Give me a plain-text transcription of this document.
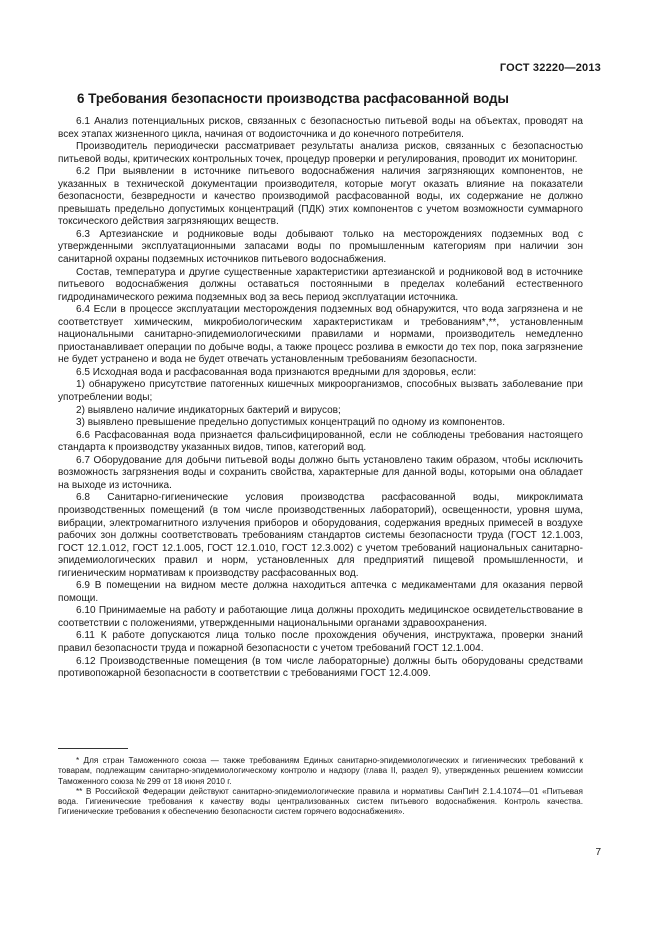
ГОСТ 32220—2013
6 Требования безопасности производства расфасованной воды

6.1 Анализ потенциальных рисков, связанных с безопасностью питьевой воды на объектах, проводят на всех этапах жизненного цикла, начиная от водоисточника и до конечного потребителя.

Производитель периодически рассматривает результаты анализа рисков, связанных с безопасностью питьевой воды, критических контрольных точек, процедур проверки и регулирования, проводит их мониторинг.

6.2 При выявлении в источнике питьевого водоснабжения наличия загрязняющих компонентов, не указанных в технической документации производителя, которые могут оказать влияние на показатели безопасности, безвредности и качество производимой расфасованной воды, их содержание не должно превышать предельно допустимых концентраций (ПДК) этих компонентов с учетом возможности суммарного токсического действия загрязняющих веществ.

6.3 Артезианские и родниковые воды добывают только на месторождениях подземных вод с утвержденными эксплуатационными запасами воды по промышленным категориям при наличии зон санитарной охраны подземных источников питьевого водоснабжения.

Состав, температура и другие существенные характеристики артезианской и родниковой вод в источнике питьевого водоснабжения должны оставаться постоянными в пределах колебаний естественного гидродинамического режима подземных вод за весь период эксплуатации источника.

6.4 Если в процессе эксплуатации месторождения подземных вод обнаружится, что вода загрязнена и не соответствует химическим, микробиологическим характеристикам и требованиям*,**, установленным национальными санитарно-эпидемиологическими правилами и нормами, производитель немедленно приостанавливает операции по добыче воды, а также процесс розлива в емкости до тех пор, пока загрязнение не будет устранено и вода не будет отвечать установленным требованиям безопасности.

6.5 Исходная вода и расфасованная вода признаются вредными для здоровья, если:

1) обнаружено присутствие патогенных кишечных микроорганизмов, способных вызвать заболевание при употреблении воды;

2) выявлено наличие индикаторных бактерий и вирусов;

3) выявлено превышение предельно допустимых концентраций по одному из компонентов.

6.6 Расфасованная вода признается фальсифицированной, если не соблюдены требования настоящего стандарта к производству указанных видов, типов, категорий вод.

6.7 Оборудование для добычи питьевой воды должно быть установлено таким образом, чтобы исключить возможность загрязнения воды и сохранить свойства, характерные для данной воды, которыми она обладает на выходе из источника.

6.8 Санитарно-гигиенические условия производства расфасованной воды, микроклимата производственных помещений (в том числе производственных лабораторий), освещенности, уровня шума, вибрации, электромагнитного излучения приборов и оборудования, содержания вредных примесей в воздухе рабочих зон должны соответствовать требованиям стандартов системы безопасности труда (ГОСТ 12.1.003, ГОСТ 12.1.012, ГОСТ 12.1.005, ГОСТ 12.1.010, ГОСТ 12.3.002) с учетом требований национальных санитарно-эпидемиологических правил и норм, установленных для предприятий пищевой промышленности, и гигиеническим нормативам к производству расфасованных вод.

6.9 В помещении на видном месте должна находиться аптечка с медикаментами для оказания первой помощи.

6.10 Принимаемые на работу и работающие лица должны проходить медицинское освидетельствование в соответствии с положениями, утвержденными национальными органами здравоохранения.

6.11 К работе допускаются лица только после прохождения обучения, инструктажа, проверки знаний правил безопасности труда и пожарной безопасности с учетом требований ГОСТ 12.1.004.

6.12 Производственные помещения (в том числе лабораторные) должны быть оборудованы средствами противопожарной безопасности в соответствии с требованиями ГОСТ 12.4.009.

* Для стран Таможенного союза — также требованиям Единых санитарно-эпидемиологических и гигиенических требований к товарам, подлежащим санитарно-эпидемиологическому контролю и надзору (глава II, раздел 9), утвержденных решением комиссии Таможенного союза № 299 от 18 июня 2010 г.

** В Российской Федерации действуют санитарно-эпидемиологические правила и нормативы СанПиН 2.1.4.1074—01 «Питьевая вода. Гигиенические требования к качеству воды централизованных систем питьевого водоснабжения. Контроль качества. Гигиенические требования к обеспечению безопасности систем горячего водоснабжения».

7
